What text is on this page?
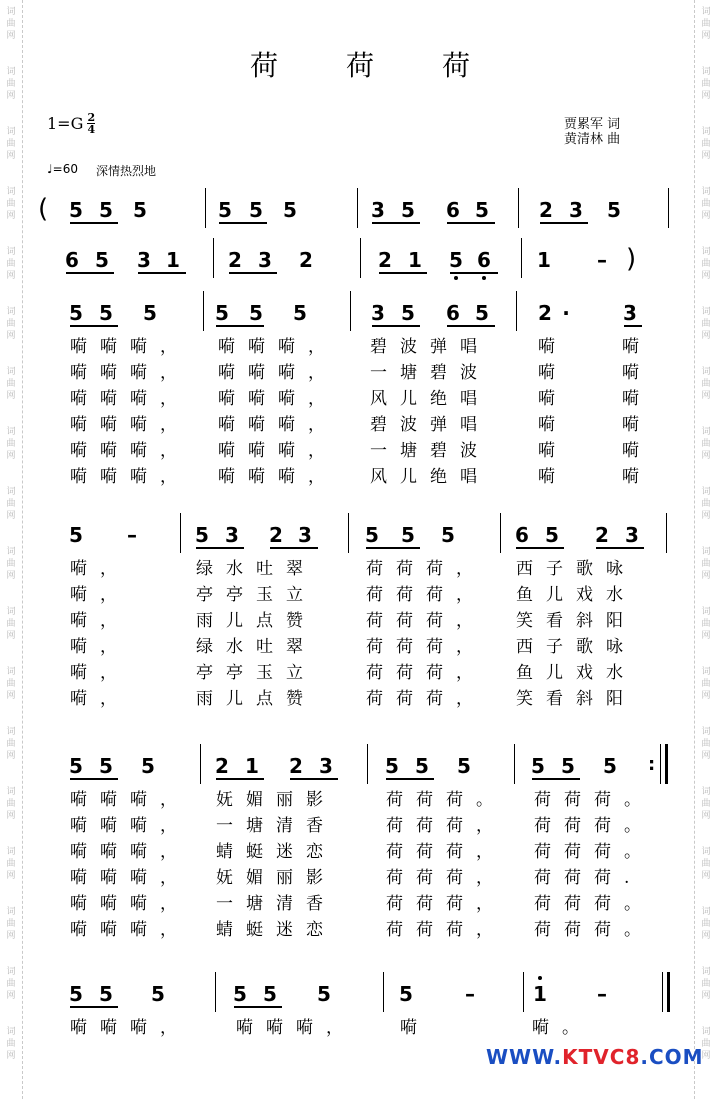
词
曲
网
词
曲
网
词
曲
网
词
曲
网
词
曲
网
词
曲
网
词
曲
网
词
曲
网
词
曲
网
词
曲
网
词
曲
网
词
曲
网
词
曲
网
词
曲
网
词
曲
网
词
曲
网
词
曲
网
词
曲
网
词
曲
网
词
曲
网
词
曲
网
词
曲
网
词
曲
网
词
曲
网
词
曲
网
词
曲
网
词
曲
网
词
曲
网
词
曲
网
词
曲
网
词
曲
网
词
曲
网
词
曲
网
词
曲
网
词
曲
网
词
曲
网
荷 荷 荷
$1=G \frac{2}{4}$	贾累军 词
黄清林 曲
♩=60 深情热烈地
5 5 5	5 5 5	3 5 6 5	2 3 5
(
6 5 3 1 2 3 2	2 1 5 6 1	– )
5 5 5	5 5 5	3 5 6 5 2 ·	3
嗬 嗬 嗬 ， 嗬 嗬 嗬 ，	碧 波 弹 唱	嗬	嗬
嗬 嗬 嗬 ， 嗬 嗬 嗬 ，	一 塘 碧 波	嗬	嗬
嗬 嗬 嗬 ， 嗬 嗬 嗬 ，	风 儿 绝 唱	嗬	嗬
嗬 嗬 嗬 ， 嗬 嗬 嗬 ，	碧 波 弹 唱	嗬	嗬
嗬 嗬 嗬 ， 嗬 嗬 嗬 ，	一 塘 碧 波	嗬	嗬
嗬 嗬 嗬 ， 嗬 嗬 嗬 ，	风 儿 绝 唱	嗬	嗬
5	–	5 3 2 3	5 5 5	6 5 2 3
嗬 ，	绿 水 吐 翠	荷 荷 荷 ，	西 子 歌 咏
嗬 ，	亭 亭 玉 立	荷 荷 荷 ，	鱼 儿 戏 水
嗬 ，	雨 儿 点 赞	荷 荷 荷 ，	笑 看 斜 阳
嗬 ，	绿 水 吐 翠	荷 荷 荷 ，	西 子 歌 咏
嗬 ，	亭 亭 玉 立	荷 荷 荷 ，	鱼 儿 戏 水
嗬 ，	雨 儿 点 赞	荷 荷 荷 ，	笑 看 斜 阳
5 5 5	2 1 2 3	5 5 5	5 5 5 :
嗬 嗬 嗬 ， 妩 媚 丽 影	荷 荷 荷 。 荷 荷 荷 。
嗬 嗬 嗬 ， 一 塘 清 香	荷 荷 荷 ， 荷 荷 荷 。
嗬 嗬 嗬 ， 蜻 蜓 迷 恋	荷 荷 荷 ， 荷 荷 荷 。
嗬 嗬 嗬 ， 妩 媚 丽 影	荷 荷 荷 ， 荷 荷 荷 .
嗬 嗬 嗬 ， 一 塘 清 香	荷 荷 荷 ， 荷 荷 荷 。
嗬 嗬 嗬 ， 蜻 蜓 迷 恋	荷 荷 荷 ， 荷 荷 荷 。
5 5 5	5 5 5	5	–	1	–
嗬 嗬 嗬 ，	嗬 嗬 嗬 ，	嗬	嗬 。
WWW.KTVC8.COM
